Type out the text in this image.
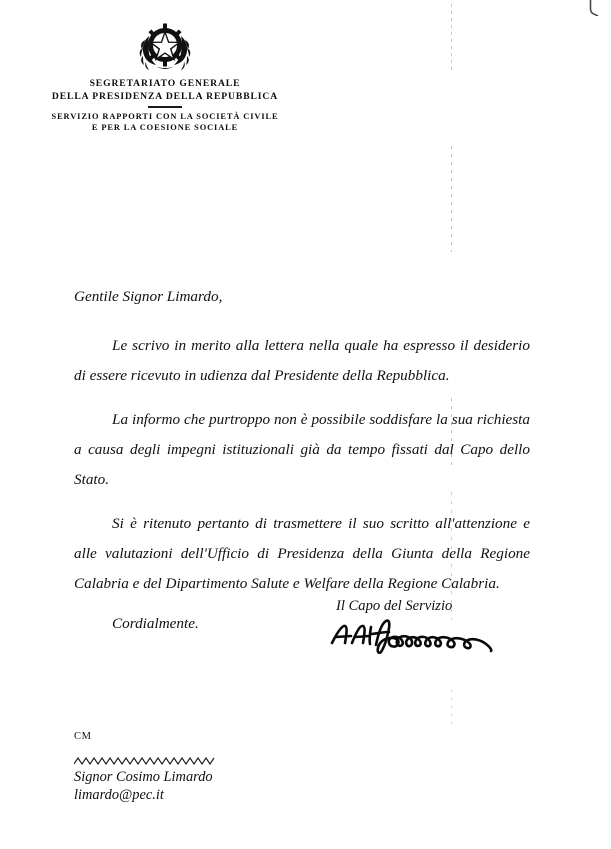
SEGRETARIATO GENERALE
DELLA PRESIDENZA DELLA REPUBBLICA
SERVIZIO RAPPORTI CON LA SOCIETÀ CIVILE
E PER LA COESIONE SOCIALE

Gentile Signor Limardo,

Le scrivo in merito alla lettera nella quale ha espresso il desiderio di essere ricevuto in udienza dal Presidente della Repubblica.

La informo che purtroppo non è possibile soddisfare la sua richiesta a causa degli impegni istituzionali già da tempo fissati dal Capo dello Stato.

Si è ritenuto pertanto di trasmettere il suo scritto all'attenzione e alle valutazioni dell'Ufficio di Presidenza della Giunta della Regione Calabria e del Dipartimento Salute e Welfare della Regione Calabria.

Cordialmente.

Il Capo del Servizio

CM

Signor Cosimo Limardo

limardo@pec.it
